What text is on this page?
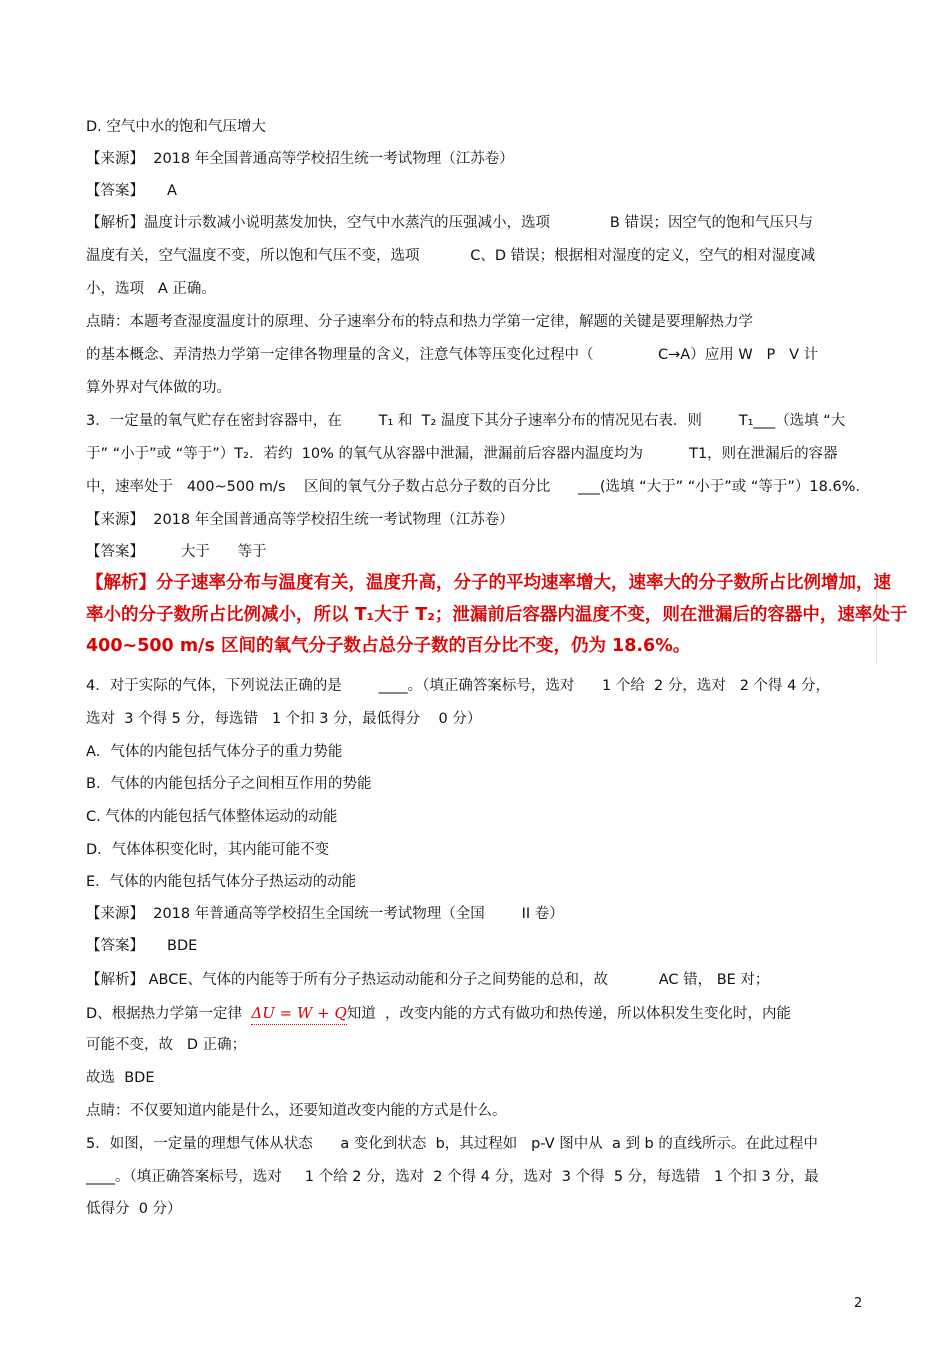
D. 空气中水的饱和气压增大
【来源】  2018 年全国普通高等学校招生统一考试物理（江苏卷）
【答案】     A
【解析】温度计示数减小说明蒸发加快，空气中水蒸汽的压强减小，选项             B 错误；因空气的饱和气压只与
温度有关，空气温度不变，所以饱和气压不变，选项           C、D 错误；根据相对湿度的定义，空气的相对湿度减
小，选项   A 正确。
点睛：本题考查湿度温度计的原理、分子速率分布的特点和热力学第一定律，解题的关键是要理解热力学
的基本概念、弄清热力学第一定律各物理量的含义，注意气体等压变化过程中（              C→A）应用 W   P   V 计
算外界对气体做的功。
3．一定量的氧气贮存在密封容器中，在        T₁ 和  T₂ 温度下其分子速率分布的情况见右表．则        T₁___（选填 “大
于” “小于”或 “等于”）T₂．若约  10% 的氧气从容器中泄漏，泄漏前后容器内温度均为          T1，则在泄漏后的容器
中，速率处于   400~500 m/s    区间的氧气分子数占总分子数的百分比      ___(选填 “大于” “小于”或 “等于”）18.6%．
【来源】  2018 年全国普通高等学校招生统一考试物理（江苏卷）
【答案】        大于      等于
【解析】分子速率分布与温度有关，温度升高，分子的平均速率增大，速率大的分子数所占比例增加，速
率小的分子数所占比例减小，所以 T₁大于 T₂；泄漏前后容器内温度不变，则在泄漏后的容器中，速率处于
400~500 m/s 区间的氧气分子数占总分子数的百分比不变，仍为 18.6%。
4．对于实际的气体，下列说法正确的是        ____。（填正确答案标号，选对      1 个给  2 分，选对   2 个得 4 分，
选对  3 个得 5 分，每选错   1 个扣 3 分，最低得分    0 分）
A．气体的内能包括气体分子的重力势能
B．气体的内能包括分子之间相互作用的势能
C. 气体的内能包括气体整体运动的动能
D．气体体积变化时，其内能可能不变
E．气体的内能包括气体分子热运动的动能
【来源】  2018 年普通高等学校招生全国统一考试物理（全国        II 卷）
【答案】     BDE
【解析】 ABCE、气体的内能等于所有分子热运动动能和分子之间势能的总和，故           AC 错， BE 对；
D、根据热力学第一定律  ΔU = W + Q知道  ，改变内能的方式有做功和热传递，所以体积发生变化时，内能
可能不变，故   D 正确；
故选  BDE
点睛：不仅要知道内能是什么，还要知道改变内能的方式是什么。
5．如图，一定量的理想气体从状态      a 变化到状态  b，其过程如   p-V 图中从  a 到 b 的直线所示。在此过程中
____。（填正确答案标号，选对     1 个给 2 分，选对  2 个得 4 分，选对  3 个得  5 分，每选错   1 个扣 3 分，最
低得分  0 分）
2
